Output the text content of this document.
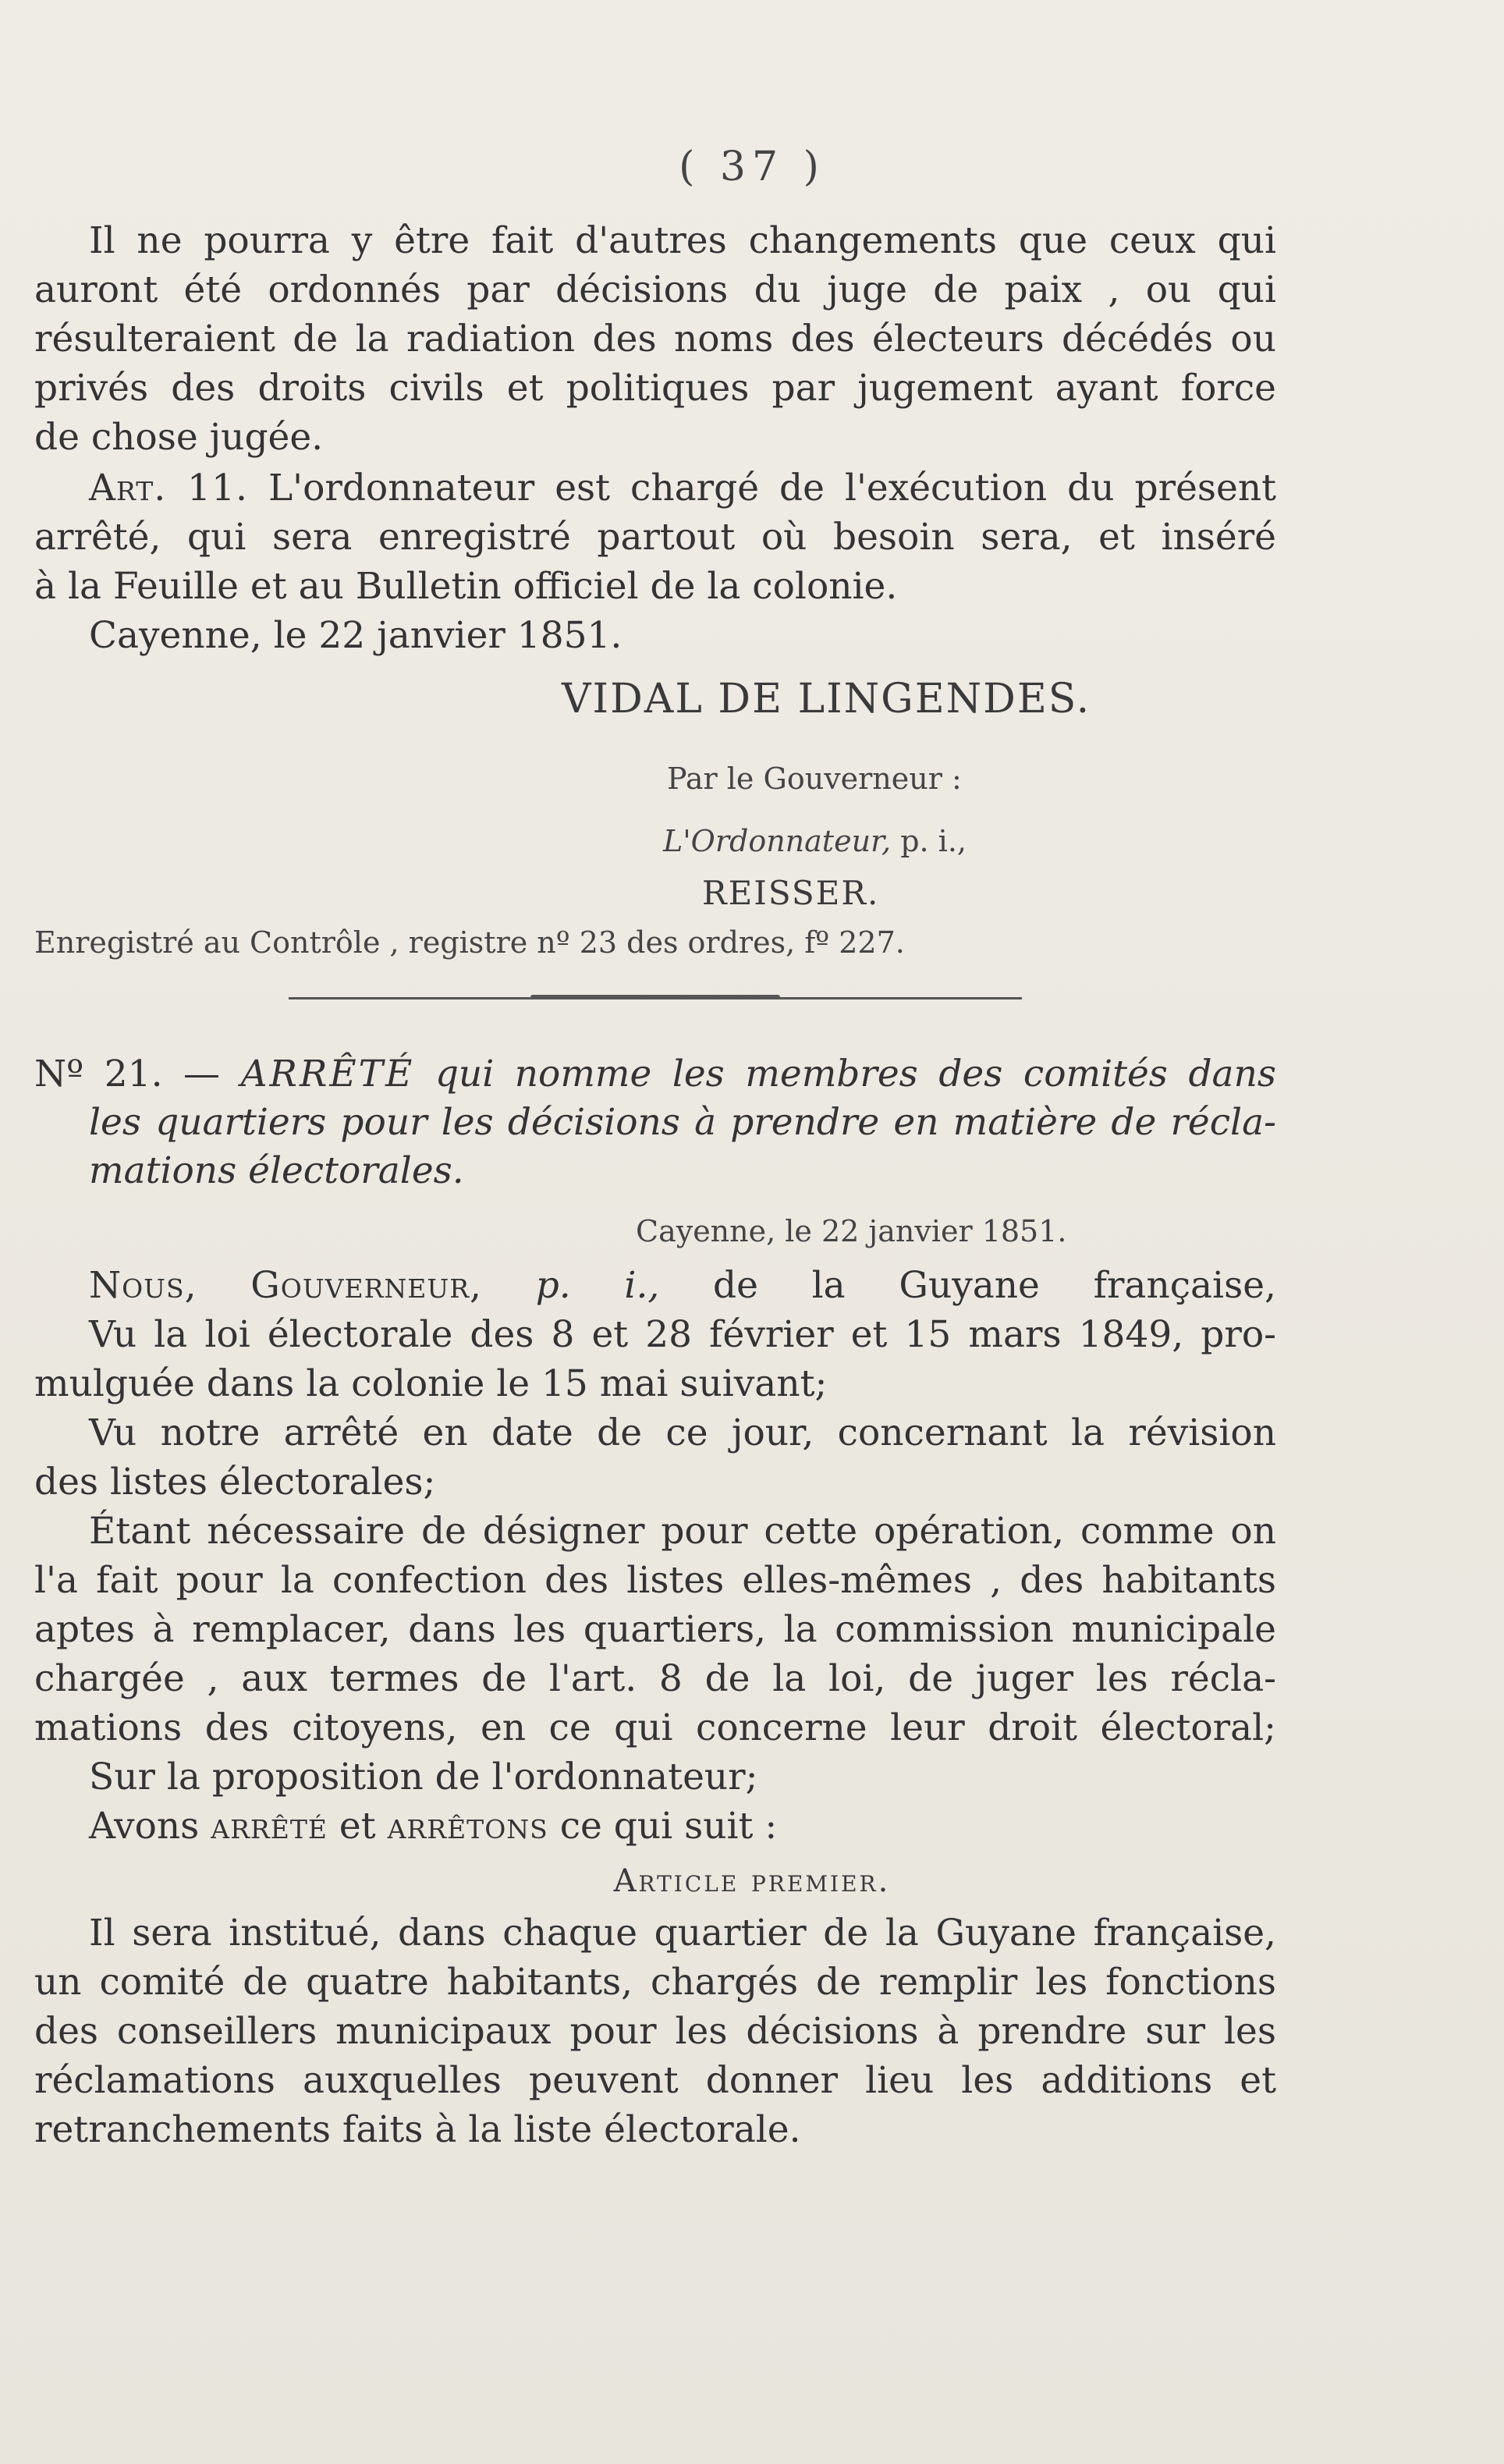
( 37 )
Il ne pourra y être fait d'autres changements que ceux qui
auront été ordonnés par décisions du juge de paix , ou qui
résulteraient de la radiation des noms des électeurs décédés ou
privés des droits civils et politiques par jugement ayant force
de chose jugée.
Art. 11. L'ordonnateur est chargé de l'exécution du présent
arrêté, qui sera enregistré partout où besoin sera, et inséré
à la Feuille et au Bulletin officiel de la colonie.
Cayenne, le 22 janvier 1851.
VIDAL DE LINGENDES.
Par le Gouverneur :
L'Ordonnateur, p. i.,
REISSER.
Enregistré au Contrôle , registre nº 23 des ordres, fº 227.
Nº 21. — ARRÊTÉ qui nomme les membres des comités dans
les quartiers pour les décisions à prendre en matière de récla-
mations électorales.
Cayenne, le 22 janvier 1851.
Nous, Gouverneur, p. i., de la Guyane française,
Vu la loi électorale des 8 et 28 février et 15 mars 1849, pro-
mulguée dans la colonie le 15 mai suivant;
Vu notre arrêté en date de ce jour, concernant la révision
des listes électorales;
Étant nécessaire de désigner pour cette opération, comme on
l'a fait pour la confection des listes elles-mêmes , des habitants
aptes à remplacer, dans les quartiers, la commission municipale
chargée , aux termes de l'art. 8 de la loi, de juger les récla-
mations des citoyens, en ce qui concerne leur droit électoral;
Sur la proposition de l'ordonnateur;
Avons arrêté et arrêtons ce qui suit :
Article premier.
Il sera institué, dans chaque quartier de la Guyane française,
un comité de quatre habitants, chargés de remplir les fonctions
des conseillers municipaux pour les décisions à prendre sur les
réclamations auxquelles peuvent donner lieu les additions et
retranchements faits à la liste électorale.
